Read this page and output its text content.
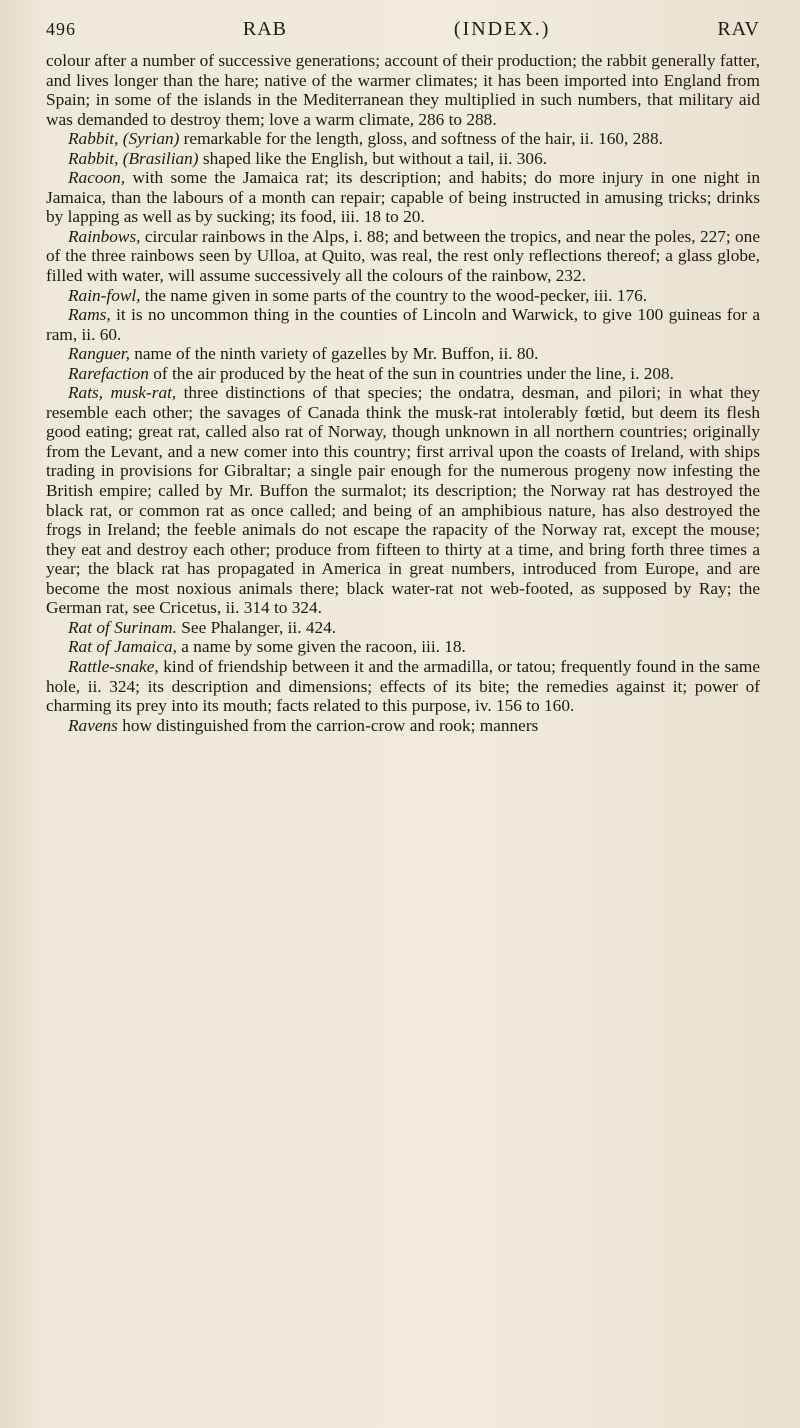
496	RAB	(INDEX.)	RAV

colour after a number of successive generations; account of their production; the rabbit generally fatter, and lives longer than the hare; native of the warmer climates; it has been imported into England from Spain; in some of the islands in the Mediterranean they multiplied in such numbers, that military aid was demanded to destroy them; love a warm climate, 286 to 288.

Rabbit, (Syrian) remarkable for the length, gloss, and softness of the hair, ii. 160, 288.

Rabbit, (Brasilian) shaped like the English, but without a tail, ii. 306.

Racoon, with some the Jamaica rat; its description; and habits; do more injury in one night in Jamaica, than the labours of a month can repair; capable of being instructed in amusing tricks; drinks by lapping as well as by sucking; its food, iii. 18 to 20.

Rainbows, circular rainbows in the Alps, i. 88; and between the tropics, and near the poles, 227; one of the three rainbows seen by Ulloa, at Quito, was real, the rest only reflections thereof; a glass globe, filled with water, will assume successively all the colours of the rainbow, 232.

Rain-fowl, the name given in some parts of the country to the wood-pecker, iii. 176.

Rams, it is no uncommon thing in the counties of Lincoln and Warwick, to give 100 guineas for a ram, ii. 60.

Ranguer, name of the ninth variety of gazelles by Mr. Buffon, ii. 80.

Rarefaction of the air produced by the heat of the sun in countries under the line, i. 208.

Rats, musk-rat, three distinctions of that species; the ondatra, desman, and pilori; in what they resemble each other; the savages of Canada think the musk-rat intolerably fœtid, but deem its flesh good eating; great rat, called also rat of Norway, though unknown in all northern countries; originally from the Levant, and a new comer into this country; first arrival upon the coasts of Ireland, with ships trading in provisions for Gibraltar; a single pair enough for the numerous progeny now infesting the British empire; called by Mr. Buffon the surmalot; its description; the Norway rat has destroyed the black rat, or common rat as once called; and being of an amphibious nature, has also destroyed the frogs in Ireland; the feeble animals do not escape the rapacity of the Norway rat, except the mouse; they eat and destroy each other; produce from fifteen to thirty at a time, and bring forth three times a year; the black rat has propagated in America in great numbers, introduced from Europe, and are become the most noxious animals there; black water-rat not web-footed, as supposed by Ray; the German rat, see Cricetus, ii. 314 to 324.

Rat of Surinam. See Phalanger, ii. 424.

Rat of Jamaica, a name by some given the racoon, iii. 18.

Rattle-snake, kind of friendship between it and the armadilla, or tatou; frequently found in the same hole, ii. 324; its description and dimensions; effects of its bite; the remedies against it; power of charming its prey into its mouth; facts related to this purpose, iv. 156 to 160.

Ravens how distinguished from the carrion-crow and rook; manners
